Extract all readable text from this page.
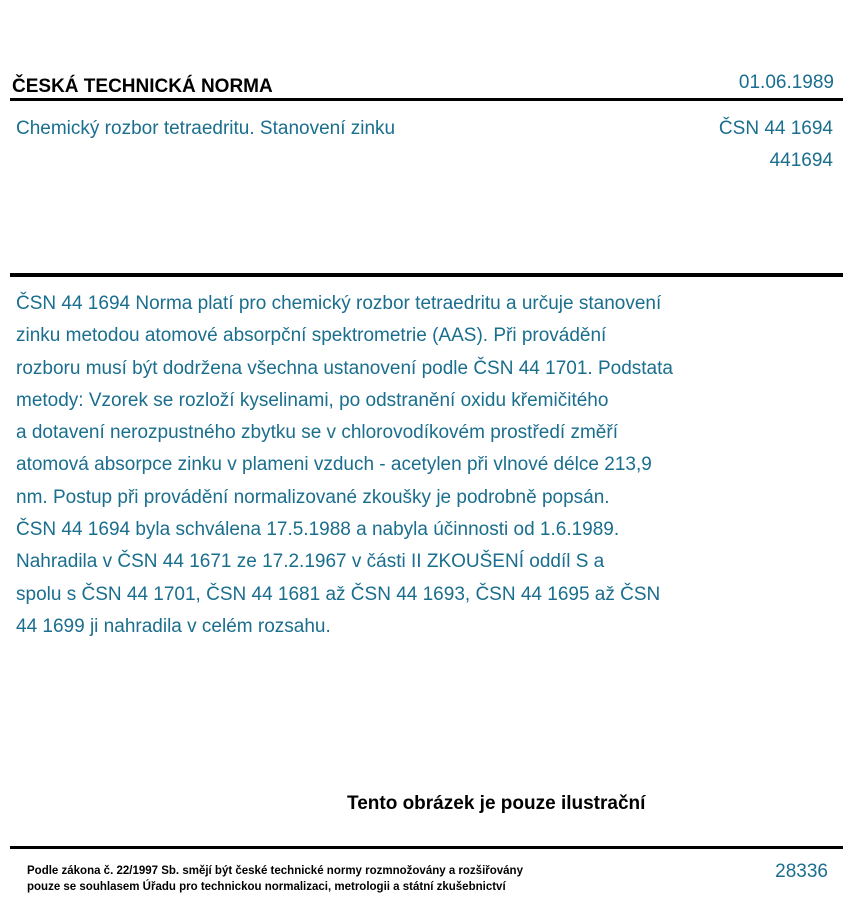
ČESKÁ TECHNICKÁ NORMA	01.06.1989
Chemický rozbor tetraedritu. Stanovení zinku	ČSN 44 1694
441694
ČSN 44 1694 Norma platí pro chemický rozbor tetraedritu a určuje stanovení
zinku metodou atomové absorpční spektrometrie (AAS). Při provádění
rozboru musí být dodržena všechna ustanovení podle ČSN 44 1701. Podstata
metody: Vzorek se rozloží kyselinami, po odstranění oxidu křemičitého
a dotavení nerozpustného zbytku se v chlorovodíkovém prostředí změří
atomová absorpce zinku v plameni vzduch - acetylen při vlnové délce 213,9
nm. Postup při provádění normalizované zkoušky je podrobně popsán.
ČSN 44 1694 byla schválena 17.5.1988 a nabyla účinnosti od 1.6.1989.
Nahradila v ČSN 44 1671 ze 17.2.1967 v části II ZKOUŠENÍ oddíl S a
spolu s ČSN 44 1701, ČSN 44 1681 až ČSN 44 1693, ČSN 44 1695 až ČSN
44 1699 ji nahradila v celém rozsahu.
Tento obrázek je pouze ilustrační
Podle zákona č. 22/1997 Sb. smějí být české technické normy rozmnožovány a rozšiřovány
pouze se souhlasem Úřadu pro technickou normalizaci, metrologii a státní zkušebnictví
28336
